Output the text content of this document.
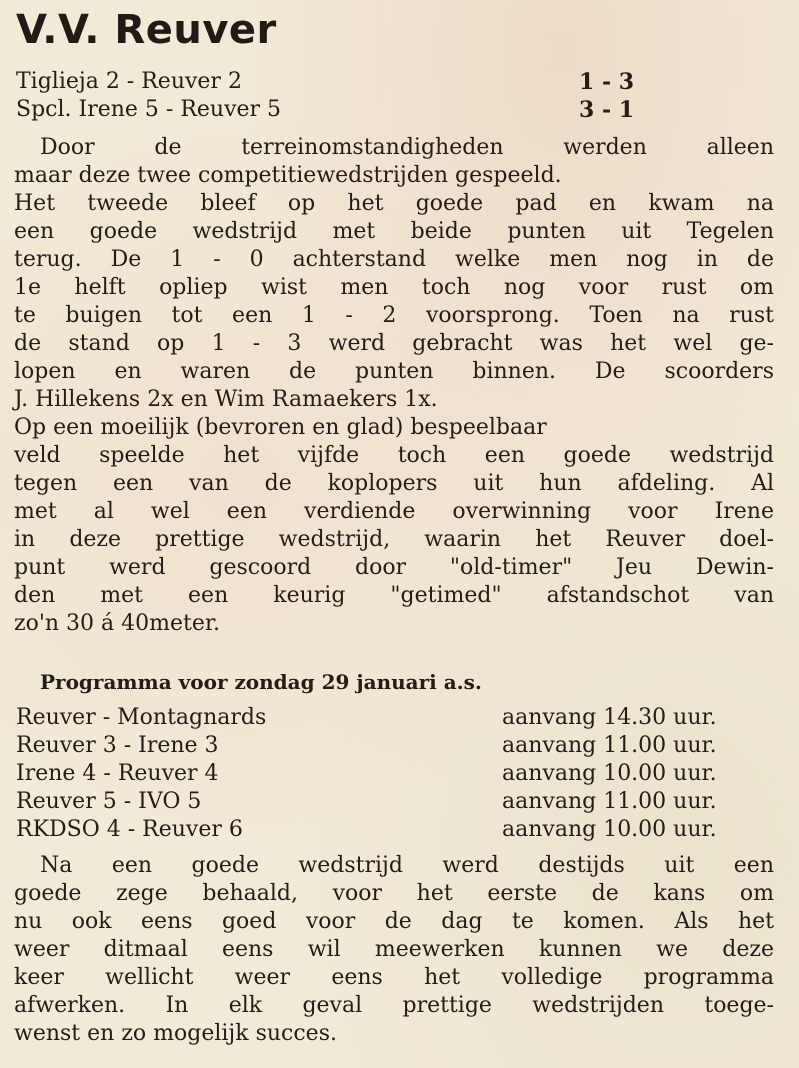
V.V. Reuver
Tiglieja 2 - Reuver 2	1 - 3
Spcl. Irene 5 - Reuver 5	3 - 1
Door de terreinomstandigheden werden alleen
maar deze twee competitiewedstrijden gespeeld.
Het tweede bleef op het goede pad en kwam na
een goede wedstrijd met beide punten uit Tegelen
terug. De 1 - 0 achterstand welke men nog in de
1e helft opliep wist men toch nog voor rust om
te buigen tot een 1 - 2 voorsprong. Toen na rust
de stand op 1 - 3 werd gebracht was het wel ge-
lopen en waren de punten binnen. De scoorders
J. Hillekens 2x en Wim Ramaekers 1x.
Op een moeilijk (bevroren en glad) bespeelbaar
veld speelde het vijfde toch een goede wedstrijd
tegen een van de koplopers uit hun afdeling. Al
met al wel een verdiende overwinning voor Irene
in deze prettige wedstrijd, waarin het Reuver doel-
punt werd gescoord door "old-timer" Jeu Dewin-
den met een keurig "getimed" afstandschot van
zo'n 30 á 40meter.
Programma voor zondag 29 januari a.s.
Reuver - Montagnards	aanvang 14.30 uur.
Reuver 3 - Irene 3	aanvang 11.00 uur.
Irene 4 - Reuver 4	aanvang 10.00 uur.
Reuver 5 - IVO 5	aanvang 11.00 uur.
RKDSO 4 - Reuver 6	aanvang 10.00 uur.
Na een goede wedstrijd werd destijds uit een
goede zege behaald, voor het eerste de kans om
nu ook eens goed voor de dag te komen. Als het
weer ditmaal eens wil meewerken kunnen we deze
keer wellicht weer eens het volledige programma
afwerken. In elk geval prettige wedstrijden toege-
wenst en zo mogelijk succes.
